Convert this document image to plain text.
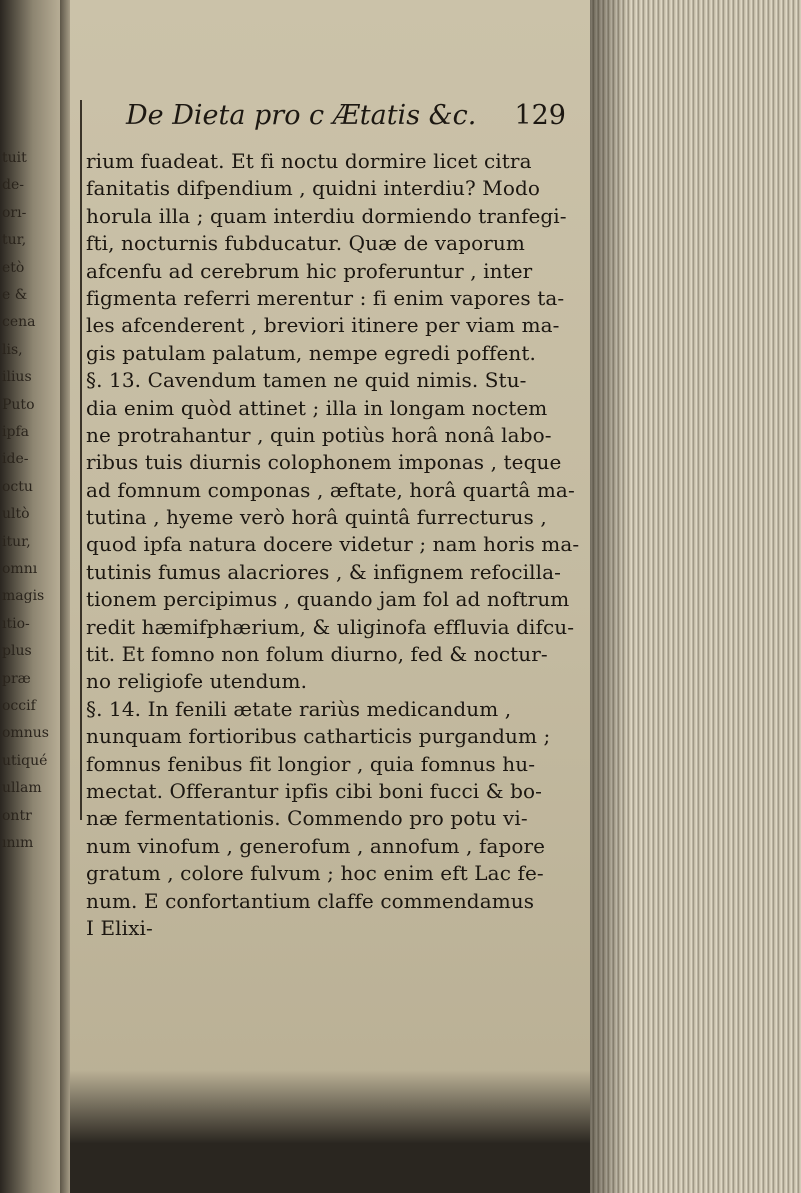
tuit
de-
orı-
tur,
etò
e &
cena
lis,
ilius
Puto
ipfa
ide-
octu
ultò
itur,
omnı
magis
ıtio-
plus
præ
occif
omnus
utiqué
ullam
ontr
ınım
De Dieta pro c Ætatis &c. 129
rium fuadeat. Et fi noctu dormire licet citra
fanitatis difpendium , quidni interdiu? Modo
horula illa ; quam interdiu dormiendo tranfegi-
fti, nocturnis fubducatur. Quæ de vaporum
afcenfu ad cerebrum hic proferuntur , inter
figmenta referri merentur : fi enim vapores ta-
les afcenderent , breviori itinere per viam ma-
gis patulam palatum, nempe egredi poffent.
§. 13. Cavendum tamen ne quid nimis. Stu-
dia enim quòd attinet ; illa in longam noctem
ne protrahantur , quin potiùs horâ nonâ labo-
ribus tuis diurnis colophonem imponas , teque
ad fomnum componas , æftate, horâ quartâ ma-
tutina , hyeme verò horâ quintâ furrecturus ,
quod ipfa natura docere videtur ; nam horis ma-
tutinis fumus alacriores , & infignem refocilla-
tionem percipimus , quando jam fol ad noftrum
redit hæmifphærium, & uliginofa effluvia difcu-
tit. Et fomno non folum diurno, fed & noctur-
no religiofe utendum.
§. 14. In fenili ætate rariùs medicandum ,
nunquam fortioribus catharticis purgandum ;
fomnus fenibus fit longior , quia fomnus hu-
mectat. Offerantur ipfis cibi boni fucci & bo-
næ fermentationis. Commendo pro potu vi-
num vinofum , generofum , annofum , fapore
gratum , colore fulvum ; hoc enim eft Lac fe-
num. E confortantium claffe commendamus
I Elixi-
